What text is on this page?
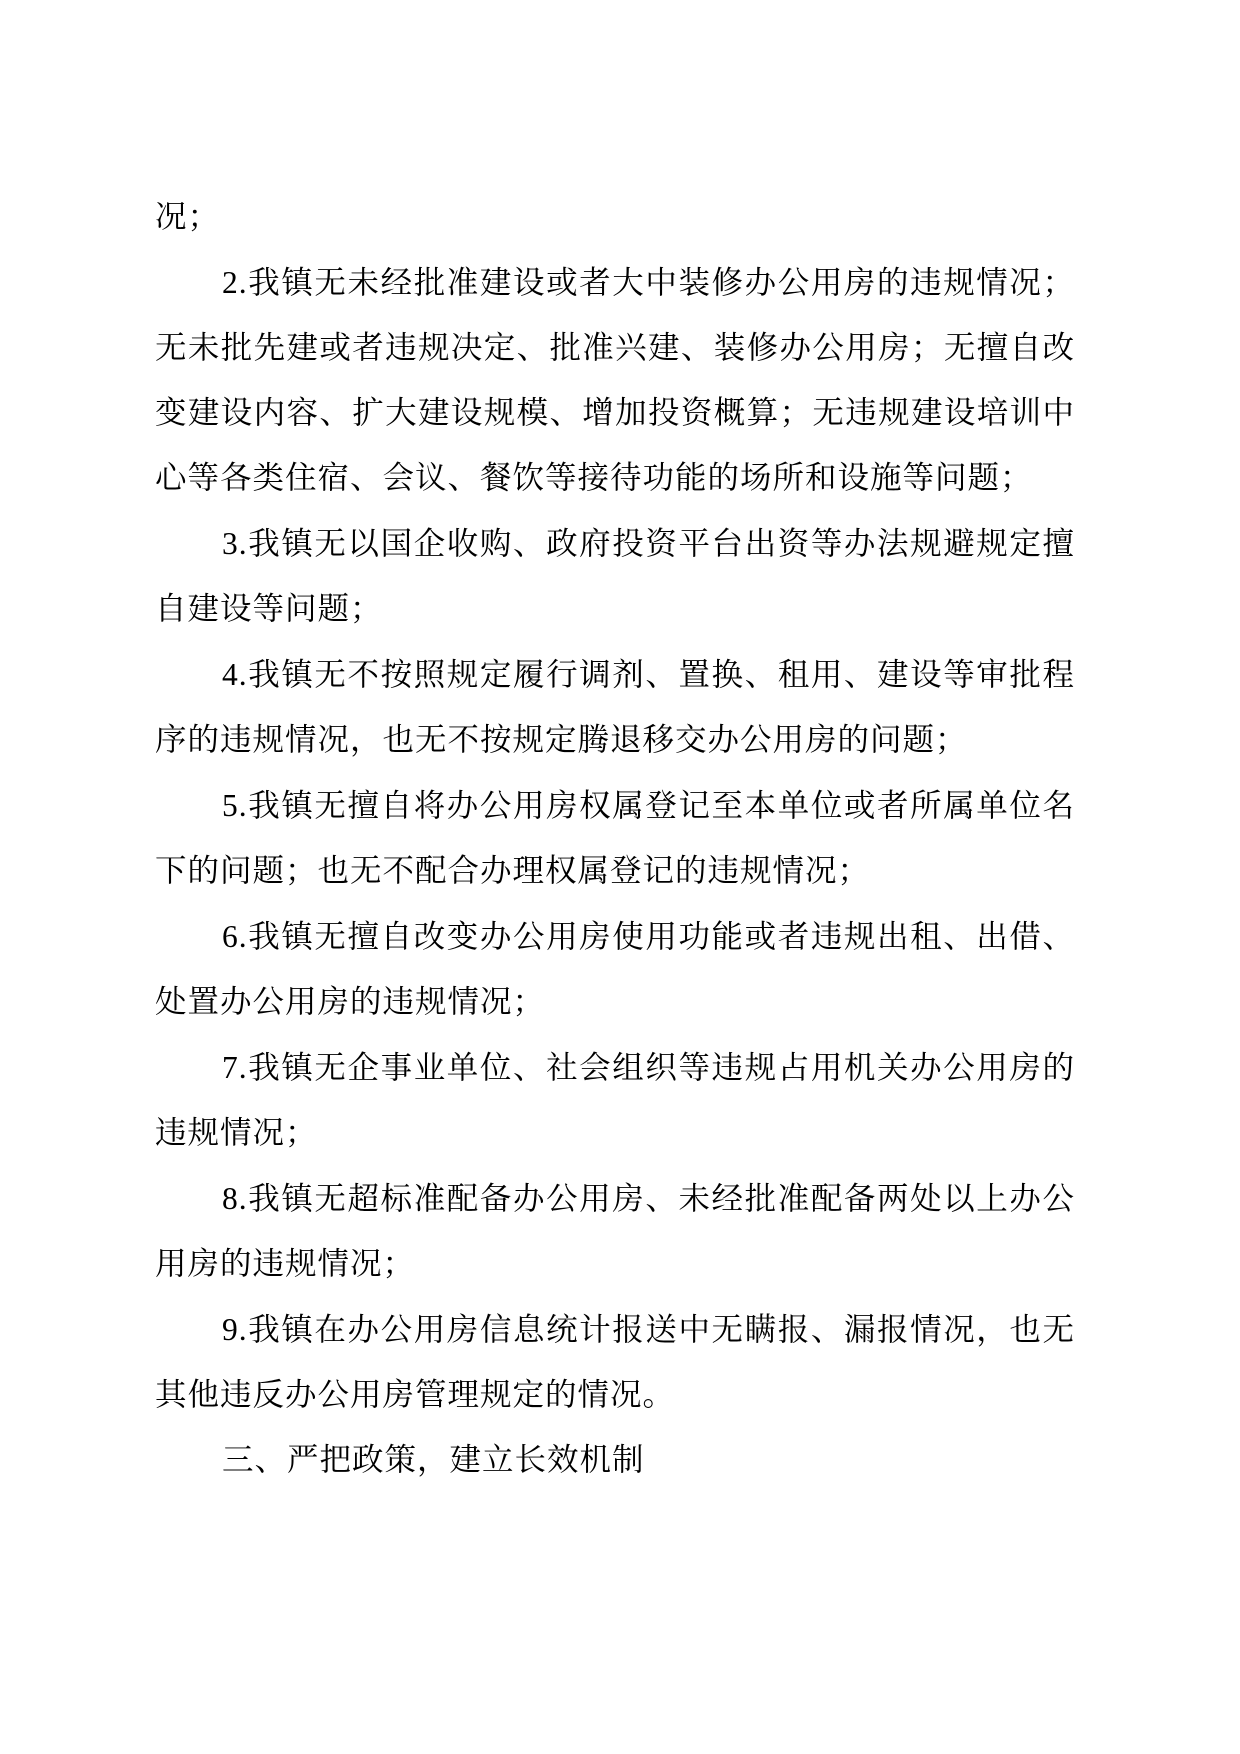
况；

2.我镇无未经批准建设或者大中装修办公用房的违规情况；无未批先建或者违规决定、批准兴建、装修办公用房；无擅自改变建设内容、扩大建设规模、增加投资概算；无违规建设培训中心等各类住宿、会议、餐饮等接待功能的场所和设施等问题；

3.我镇无以国企收购、政府投资平台出资等办法规避规定擅自建设等问题；

4.我镇无不按照规定履行调剂、置换、租用、建设等审批程序的违规情况，也无不按规定腾退移交办公用房的问题；

5.我镇无擅自将办公用房权属登记至本单位或者所属单位名下的问题；也无不配合办理权属登记的违规情况；

6.我镇无擅自改变办公用房使用功能或者违规出租、出借、处置办公用房的违规情况；

7.我镇无企事业单位、社会组织等违规占用机关办公用房的违规情况；

8.我镇无超标准配备办公用房、未经批准配备两处以上办公用房的违规情况；

9.我镇在办公用房信息统计报送中无瞒报、漏报情况，也无其他违反办公用房管理规定的情况。

三、严把政策，建立长效机制
